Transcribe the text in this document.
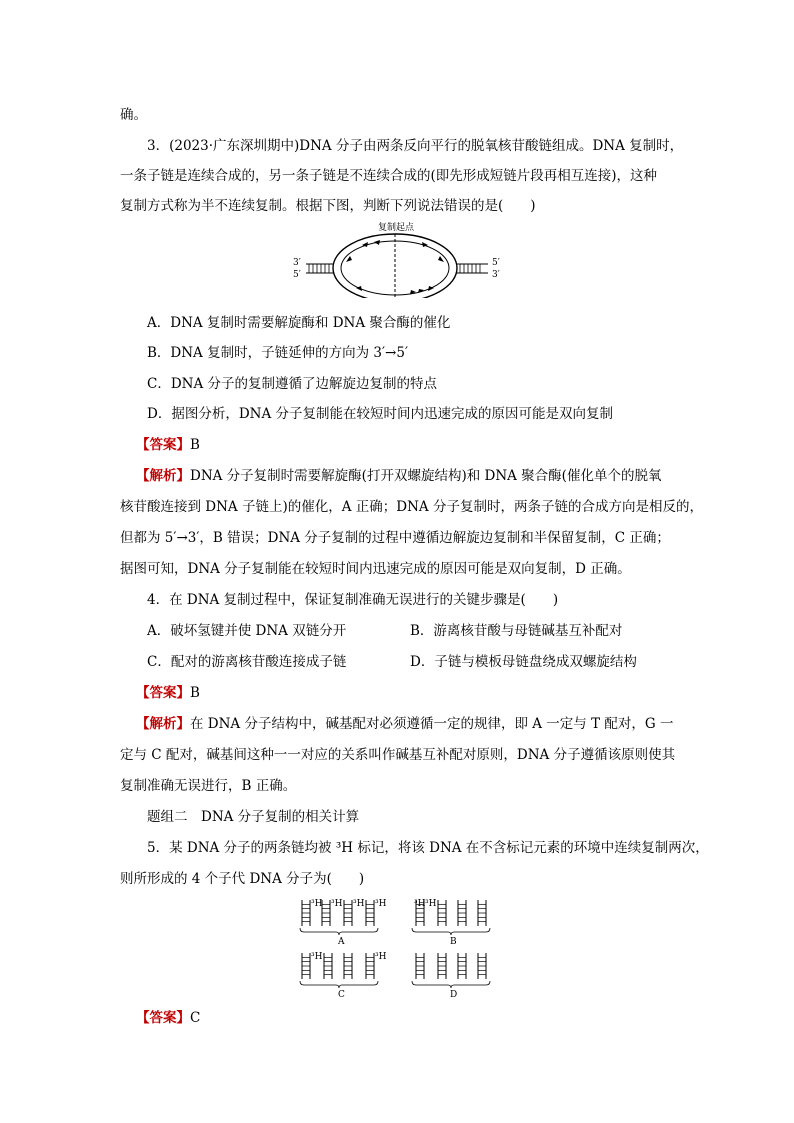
确。
3．(2023·广东深圳期中)DNA 分子由两条反向平行的脱氧核苷酸链组成。DNA 复制时，
一条子链是连续合成的，另一条子链是不连续合成的(即先形成短链片段再相互连接)，这种
复制方式称为半不连续复制。根据下图，判断下列说法错误的是(　　)
复制起点
3′
5′
5′
3′
A．DNA 复制时需要解旋酶和 DNA 聚合酶的催化
B．DNA 复制时，子链延伸的方向为 3′→5′
C．DNA 分子的复制遵循了边解旋边复制的特点
D．据图分析，DNA 分子复制能在较短时间内迅速完成的原因可能是双向复制
【答案】B
【解析】DNA 分子复制时需要解旋酶(打开双螺旋结构)和 DNA 聚合酶(催化单个的脱氧
核苷酸连接到 DNA 子链上)的催化，A 正确；DNA 分子复制时，两条子链的合成方向是相反的，
但都为 5′→3′，B 错误；DNA 分子复制的过程中遵循边解旋边复制和半保留复制，C 正确；
据图可知，DNA 分子复制能在较短时间内迅速完成的原因可能是双向复制，D 正确。
4．在 DNA 复制过程中，保证复制准确无误进行的关键步骤是(　　)
A．破坏氢键并使 DNA 双链分开	B．游离核苷酸与母链碱基互补配对
C．配对的游离核苷酸连接成子链	D．子链与模板母链盘绕成双螺旋结构
【答案】B
【解析】在 DNA 分子结构中，碱基配对必须遵循一定的规律，即 A 一定与 T 配对，G 一
定与 C 配对，碱基间这种一一对应的关系叫作碱基互补配对原则，DNA 分子遵循该原则使其
复制准确无误进行，B 正确。
题组二　DNA 分子复制的相关计算
5．某 DNA 分子的两条链均被 ³H 标记，将该 DNA 在不含标记元素的环境中连续复制两次，
则所形成的 4 个子代 DNA 分子为(　　)
³H ³H ³H ³H	³H ³H
³H	³H
A	B
C	D
【答案】C
